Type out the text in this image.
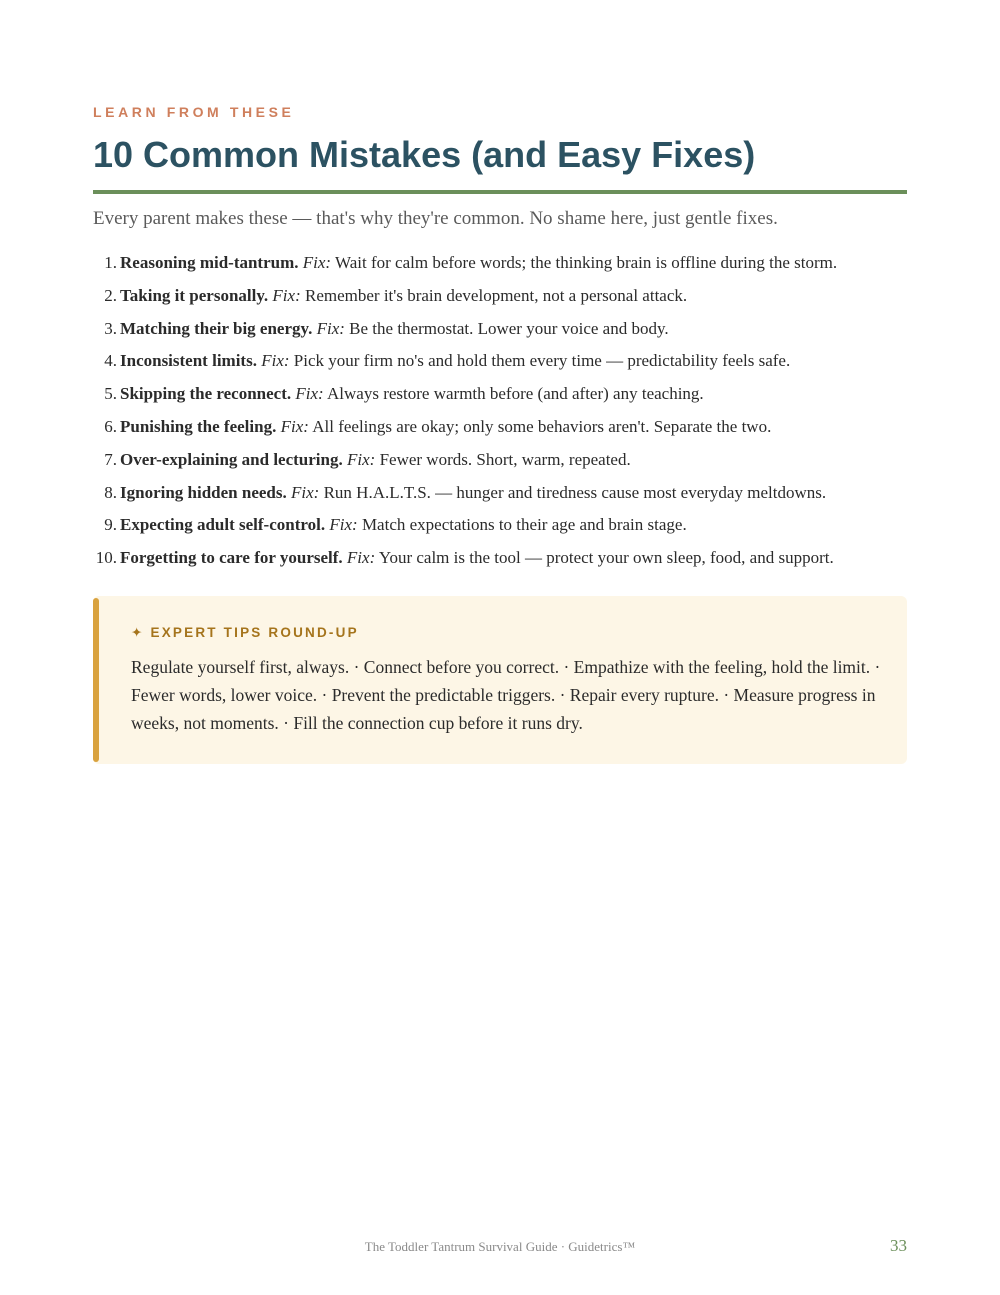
LEARN FROM THESE
10 Common Mistakes (and Easy Fixes)
Every parent makes these — that's why they're common. No shame here, just gentle fixes.
1. Reasoning mid-tantrum. Fix: Wait for calm before words; the thinking brain is offline during the storm.
2. Taking it personally. Fix: Remember it's brain development, not a personal attack.
3. Matching their big energy. Fix: Be the thermostat. Lower your voice and body.
4. Inconsistent limits. Fix: Pick your firm no's and hold them every time — predictability feels safe.
5. Skipping the reconnect. Fix: Always restore warmth before (and after) any teaching.
6. Punishing the feeling. Fix: All feelings are okay; only some behaviors aren't. Separate the two.
7. Over-explaining and lecturing. Fix: Fewer words. Short, warm, repeated.
8. Ignoring hidden needs. Fix: Run H.A.L.T.S. — hunger and tiredness cause most everyday meltdowns.
9. Expecting adult self-control. Fix: Match expectations to their age and brain stage.
10. Forgetting to care for yourself. Fix: Your calm is the tool — protect your own sleep, food, and support.
✦ EXPERT TIPS ROUND-UP

Regulate yourself first, always. · Connect before you correct. · Empathize with the feeling, hold the limit. · Fewer words, lower voice. · Prevent the predictable triggers. · Repair every rupture. · Measure progress in weeks, not moments. · Fill the connection cup before it runs dry.

The Toddler Tantrum Survival Guide · Guidetrics™	33
